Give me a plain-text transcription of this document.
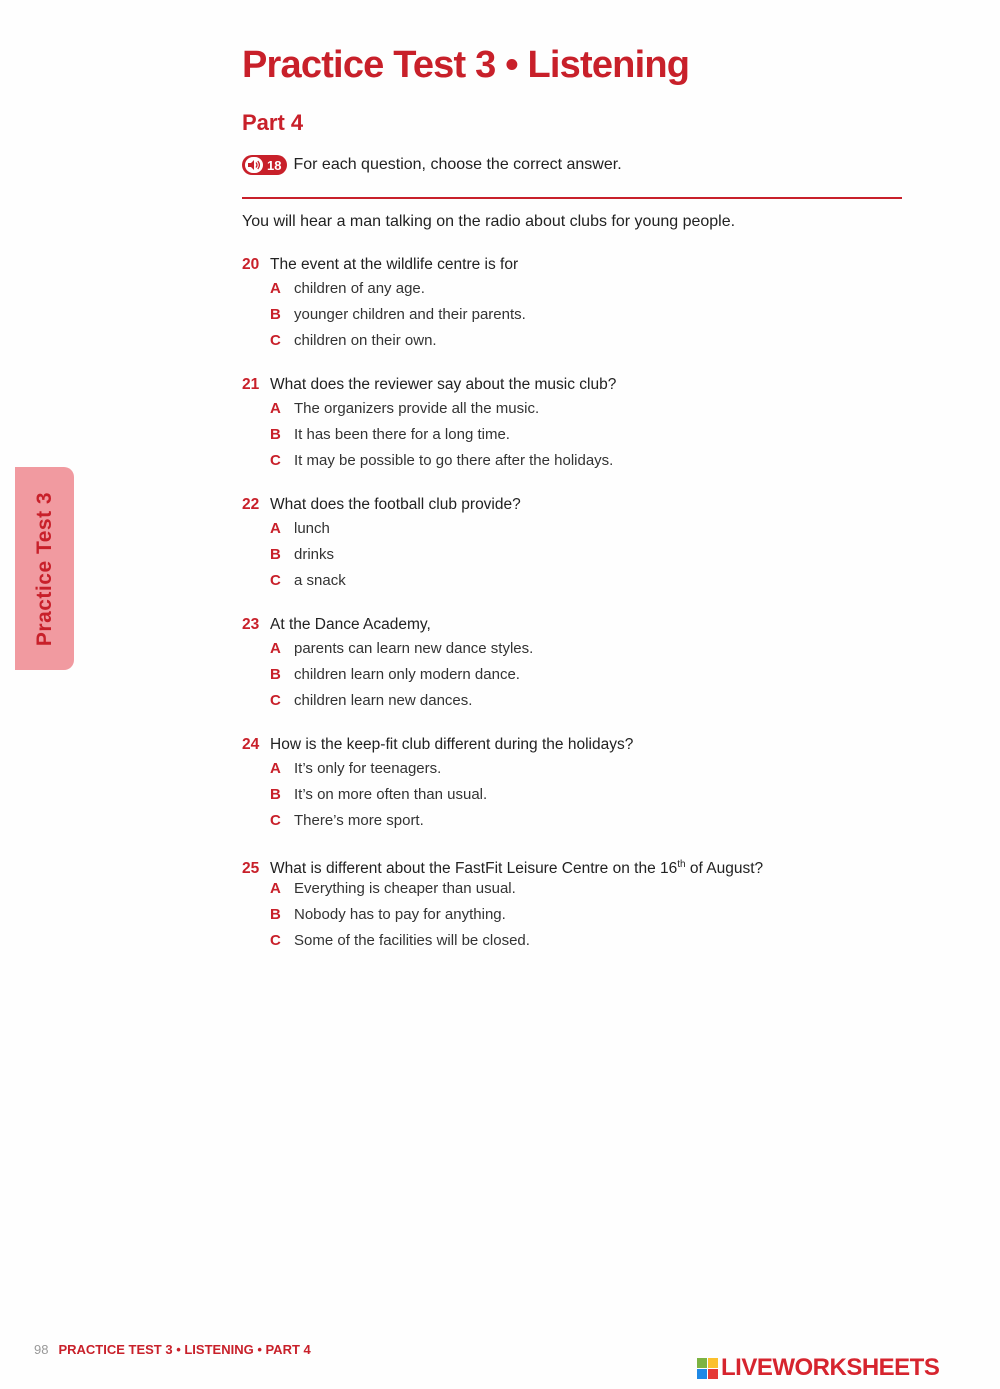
Practice Test 3 • Listening
Part 4
18 For each question, choose the correct answer.
You will hear a man talking on the radio about clubs for young people.
20 The event at the wildlife centre is for
A children of any age.
B younger children and their parents.
C children on their own.
21 What does the reviewer say about the music club?
A The organizers provide all the music.
B It has been there for a long time.
C It may be possible to go there after the holidays.
22 What does the football club provide?
A lunch
B drinks
C a snack
23 At the Dance Academy,
A parents can learn new dance styles.
B children learn only modern dance.
C children learn new dances.
24 How is the keep-fit club different during the holidays?
A It’s only for teenagers.
B It’s on more often than usual.
C There’s more sport.
25 What is different about the FastFit Leisure Centre on the 16th of August?
A Everything is cheaper than usual.
B Nobody has to pay for anything.
C Some of the facilities will be closed.
Practice Test 3
98 PRACTICE TEST 3 • LISTENING • PART 4
LIVEWORKSHEETS
